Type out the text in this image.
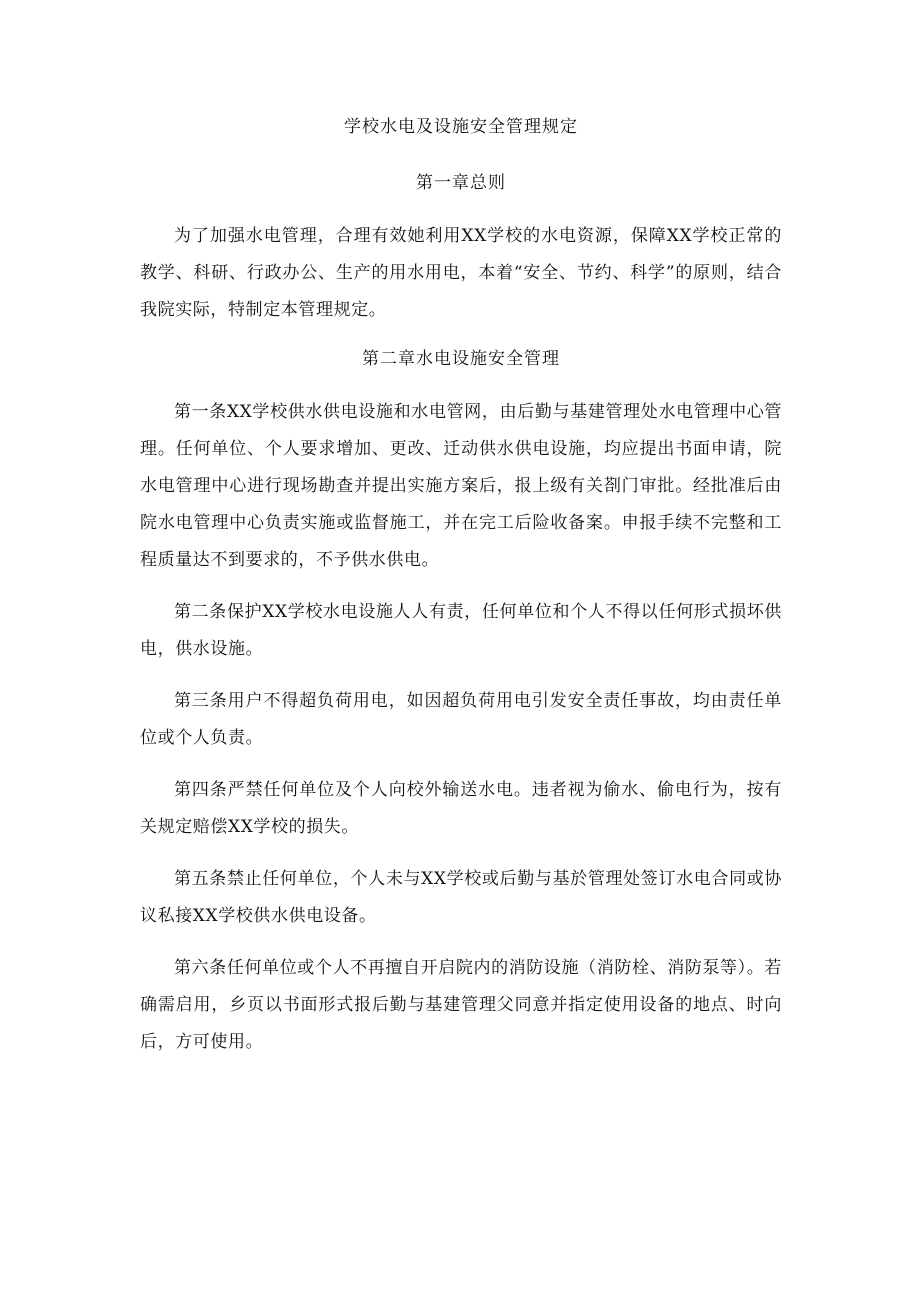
学校水电及设施安全管理规定
第一章总则

为了加强水电管理，合理有效她利用XX学校的水电资源，保障XX学校正常的教学、科研、行政办公、生产的用水用电，本着“安全、节约、科学”的原则，结合我院实际，特制定本管理规定。

第二章水电设施安全管理

第一条XX学校供水供电设施和水电管网，由后勤与基建管理处水电管理中心管理。任何单位、个人要求增加、更改、迁动供水供电设施，均应提出书面申请，院水电管理中心进行现场勘查并提出实施方案后，报上级有关剳门审批。经批准后由院水电管理中心负责实施或监督施工，并在完工后险收备案。申报手续不完整和工程质量达不到要求的，不予供水供电。

第二条保护XX学校水电设施人人有责，任何单位和个人不得以任何形式损坏供电，供水设施。

第三条用户不得超负荷用电，如因超负荷用电引发安全责任事故，均由责任单位或个人负责。

第四条严禁任何单位及个人向校外输送水电。违者视为偷水、偷电行为，按有关规定赔偿XX学校的损失。

第五条禁止任何单位，个人未与XX学校或后勤与基於管理处签订水电合同或协议私接XX学校供水供电设备。

第六条任何单位或个人不再擅自开启院内的消防设施（消防栓、消防泵等）。若确需启用，乡页以书面形式报后勤与基建管理父同意并指定使用设备的地点、时向后，方可使用。
